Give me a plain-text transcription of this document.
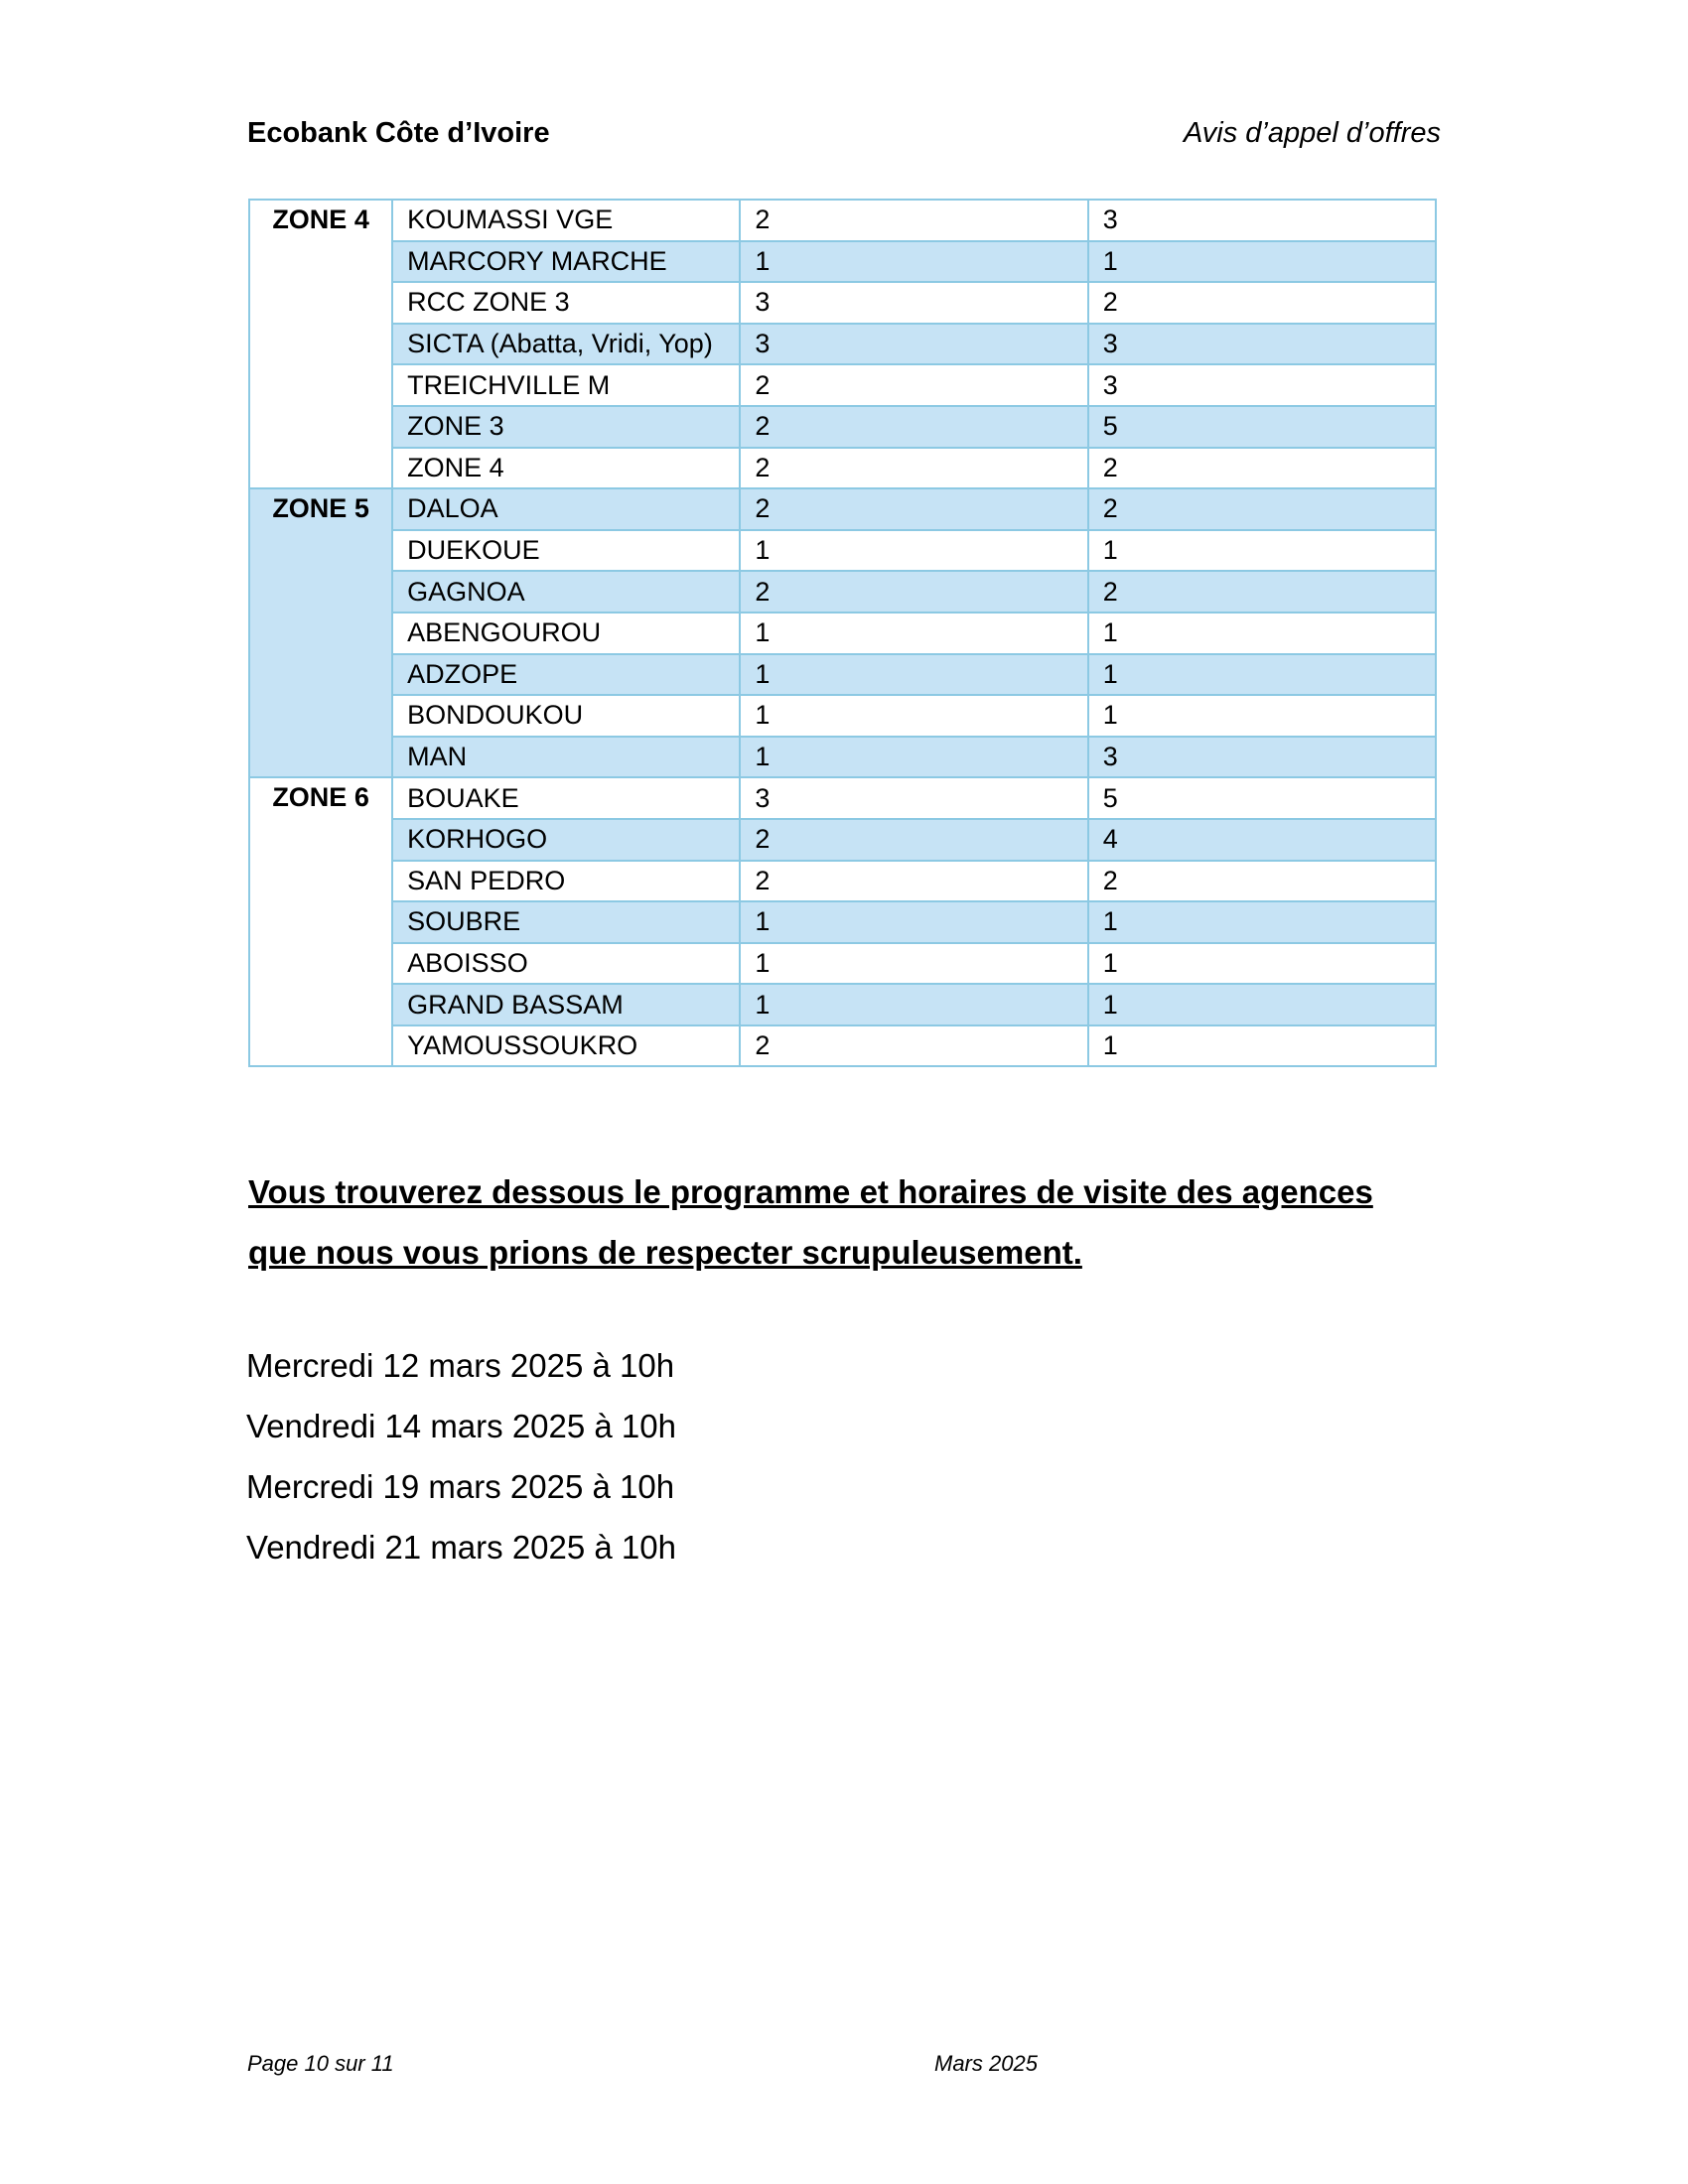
Ecobank Côte d’Ivoire	Avis d’appel d’offres
ZONE 4	KOUMASSI VGE	2	3
	MARCORY MARCHE	1	1
	RCC ZONE 3	3	2
	SICTA (Abatta, Vridi, Yop)	3	3
	TREICHVILLE M	2	3
	ZONE 3	2	5
	ZONE 4	2	2
ZONE 5	DALOA	2	2
	DUEKOUE	1	1
	GAGNOA	2	2
	ABENGOUROU	1	1
	ADZOPE	1	1
	BONDOUKOU	1	1
	MAN	1	3
ZONE 6	BOUAKE	3	5
	KORHOGO	2	4
	SAN PEDRO	2	2
	SOUBRE	1	1
	ABOISSO	1	1
	GRAND BASSAM	1	1
	YAMOUSSOUKRO	2	1
Vous trouverez dessous le programme et horaires de visite des agences
que nous vous prions de respecter scrupuleusement.
Mercredi 12 mars 2025 à 10h
Vendredi 14 mars 2025 à 10h
Mercredi 19 mars 2025 à 10h
Vendredi 21 mars 2025 à 10h
Page 10 sur 11	Mars 2025
